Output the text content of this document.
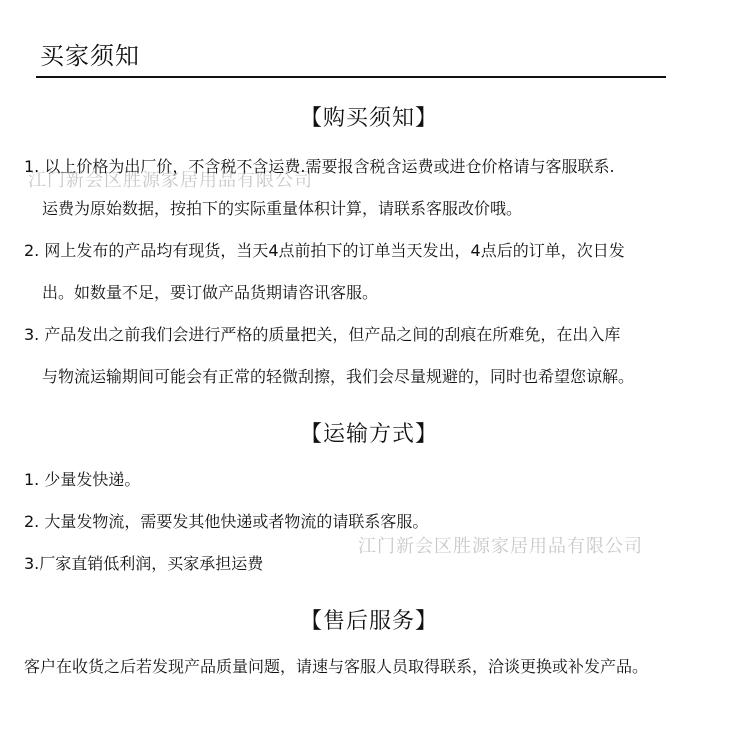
买家须知
江门新会区胜源家居用品有限公司
江门新会区胜源家居用品有限公司
【购买须知】
1. 以上价格为出厂价，不含税不含运费.需要报含税含运费或进仓价格请与客服联系.
运费为原始数据，按拍下的实际重量体积计算，请联系客服改价哦。
2. 网上发布的产品均有现货，当天4点前拍下的订单当天发出，4点后的订单，次日发
出。如数量不足，要订做产品货期请咨讯客服。
3. 产品发出之前我们会进行严格的质量把关，但产品之间的刮痕在所难免，在出入库
与物流运输期间可能会有正常的轻微刮擦，我们会尽量规避的，同时也希望您谅解。
【运输方式】
1. 少量发快递。
2. 大量发物流，需要发其他快递或者物流的请联系客服。
3.厂家直销低利润，买家承担运费
【售后服务】
客户在收货之后若发现产品质量问题，请速与客服人员取得联系，洽谈更换或补发产品。
